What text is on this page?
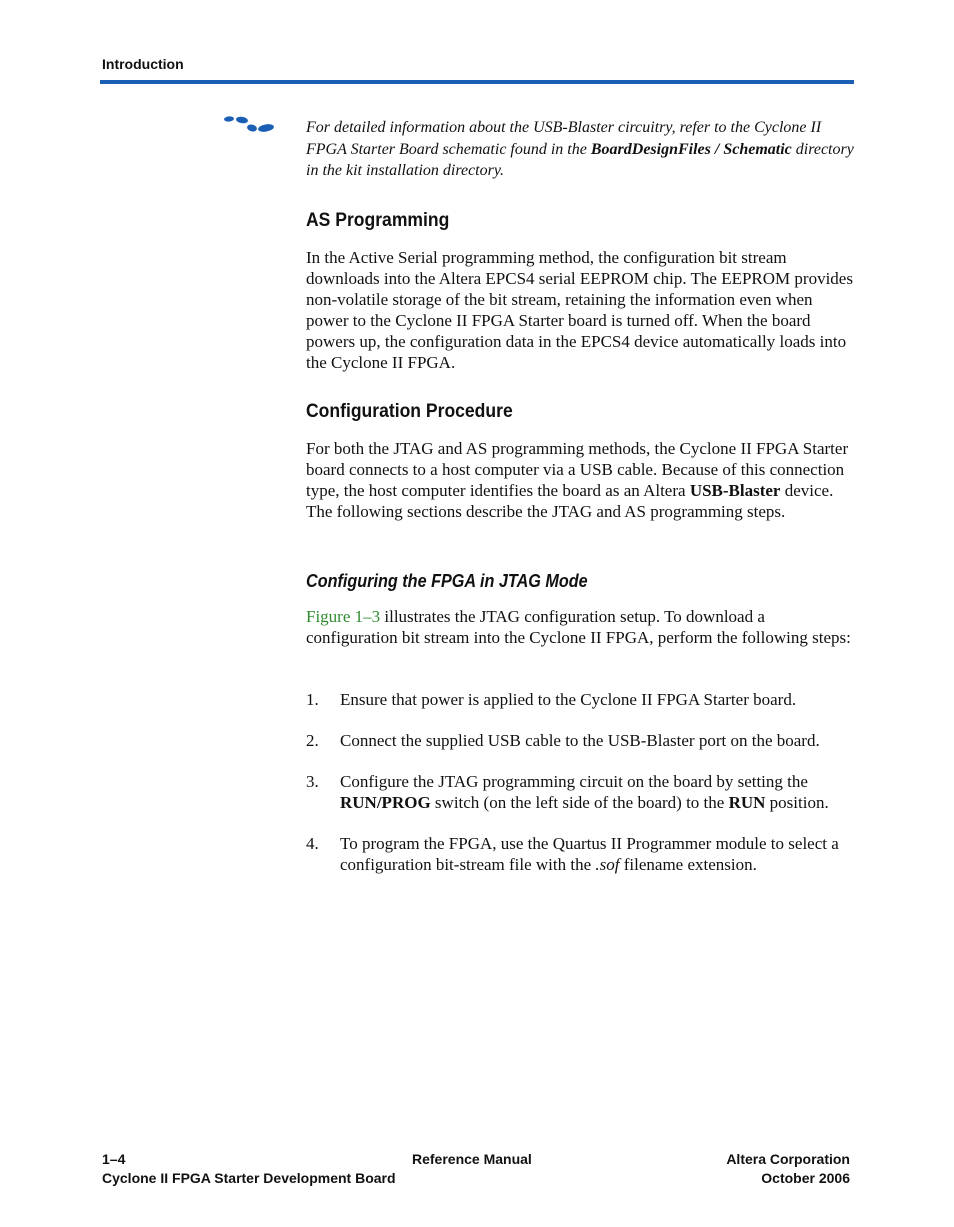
Introduction

For detailed information about the USB-Blaster circuitry, refer to the Cyclone II FPGA Starter Board schematic found in the BoardDesignFiles / Schematic directory in the kit installation directory.

AS Programming

In the Active Serial programming method, the configuration bit stream downloads into the Altera EPCS4 serial EEPROM chip. The EEPROM provides non-volatile storage of the bit stream, retaining the information even when power to the Cyclone II FPGA Starter board is turned off. When the board powers up, the configuration data in the EPCS4 device automatically loads into the Cyclone II FPGA.

Configuration Procedure

For both the JTAG and AS programming methods, the Cyclone II FPGA Starter board connects to a host computer via a USB cable. Because of this connection type, the host computer identifies the board as an Altera USB-Blaster device. The following sections describe the JTAG and AS programming steps.

Configuring the FPGA in JTAG Mode

Figure 1–3 illustrates the JTAG configuration setup. To download a configuration bit stream into the Cyclone II FPGA, perform the following steps:

1. Ensure that power is applied to the Cyclone II FPGA Starter board.
2. Connect the supplied USB cable to the USB-Blaster port on the board.
3. Configure the JTAG programming circuit on the board by setting the RUN/PROG switch (on the left side of the board) to the RUN position.
4. To program the FPGA, use the Quartus II Programmer module to select a configuration bit-stream file with the .sof filename extension.

1–4

Cyclone II FPGA Starter Development Board

Reference Manual	Altera Corporation

October 2006
